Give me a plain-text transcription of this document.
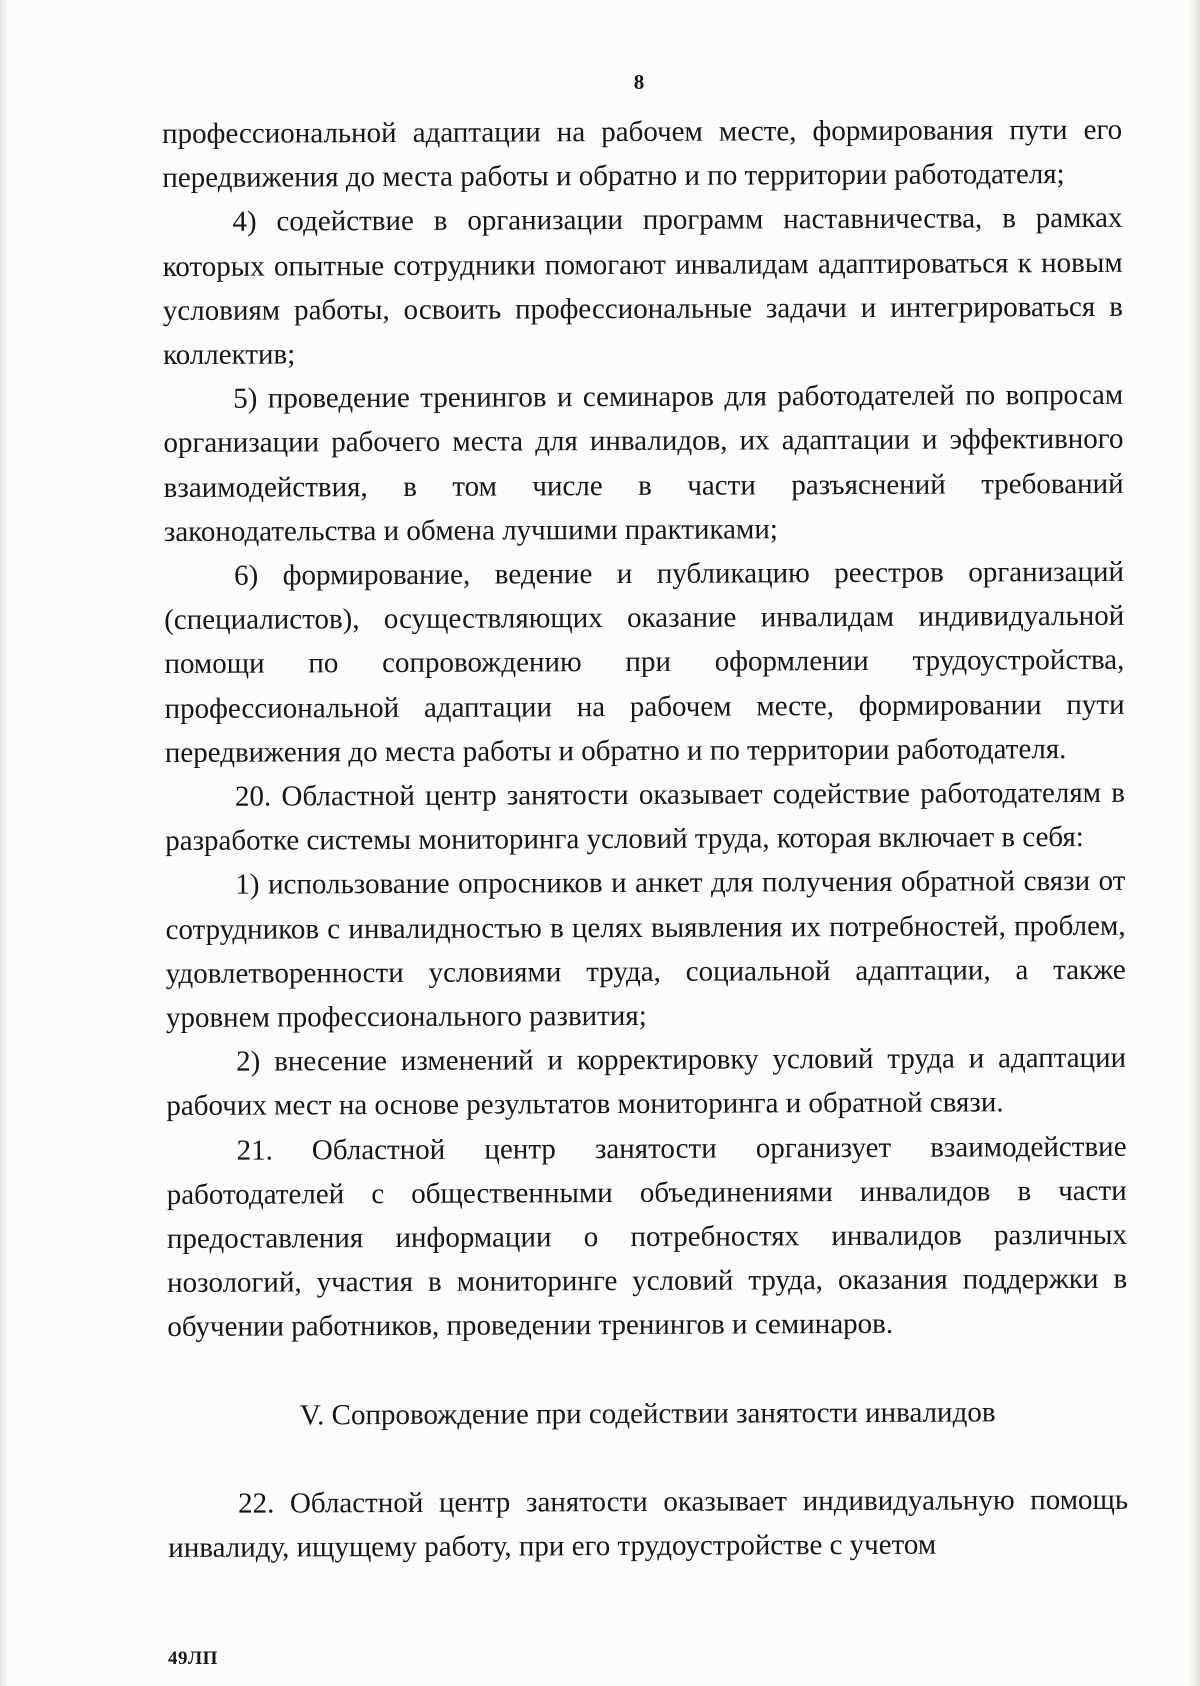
8

профессиональной адаптации на рабочем месте, формирования пути его передвижения до места работы и обратно и по территории работодателя;

4) содействие в организации программ наставничества, в рамках которых опытные сотрудники помогают инвалидам адаптироваться к новым условиям работы, освоить профессиональные задачи и интегрироваться в коллектив;

5) проведение тренингов и семинаров для работодателей по вопросам организации рабочего места для инвалидов, их адаптации и эффективного взаимодействия, в том числе в части разъяснений требований законодательства и обмена лучшими практиками;

6) формирование, ведение и публикацию реестров организаций (специалистов), осуществляющих оказание инвалидам индивидуальной помощи по сопровождению при оформлении трудоустройства, профессиональной адаптации на рабочем месте, формировании пути передвижения до места работы и обратно и по территории работодателя.

20. Областной центр занятости оказывает содействие работодателям в разработке системы мониторинга условий труда, которая включает в себя:

1) использование опросников и анкет для получения обратной связи от сотрудников с инвалидностью в целях выявления их потребностей, проблем, удовлетворенности условиями труда, социальной адаптации, а также уровнем профессионального развития;

2) внесение изменений и корректировку условий труда и адаптации рабочих мест на основе результатов мониторинга и обратной связи.

21. Областной центр занятости организует взаимодействие работодателей с общественными объединениями инвалидов в части предоставления информации о потребностях инвалидов различных нозологий, участия в мониторинге условий труда, оказания поддержки в обучении работников, проведении тренингов и семинаров.

V. Сопровождение при содействии занятости инвалидов

22. Областной центр занятости оказывает индивидуальную помощь инвалиду, ищущему работу, при его трудоустройстве с учетом

49ЛП
